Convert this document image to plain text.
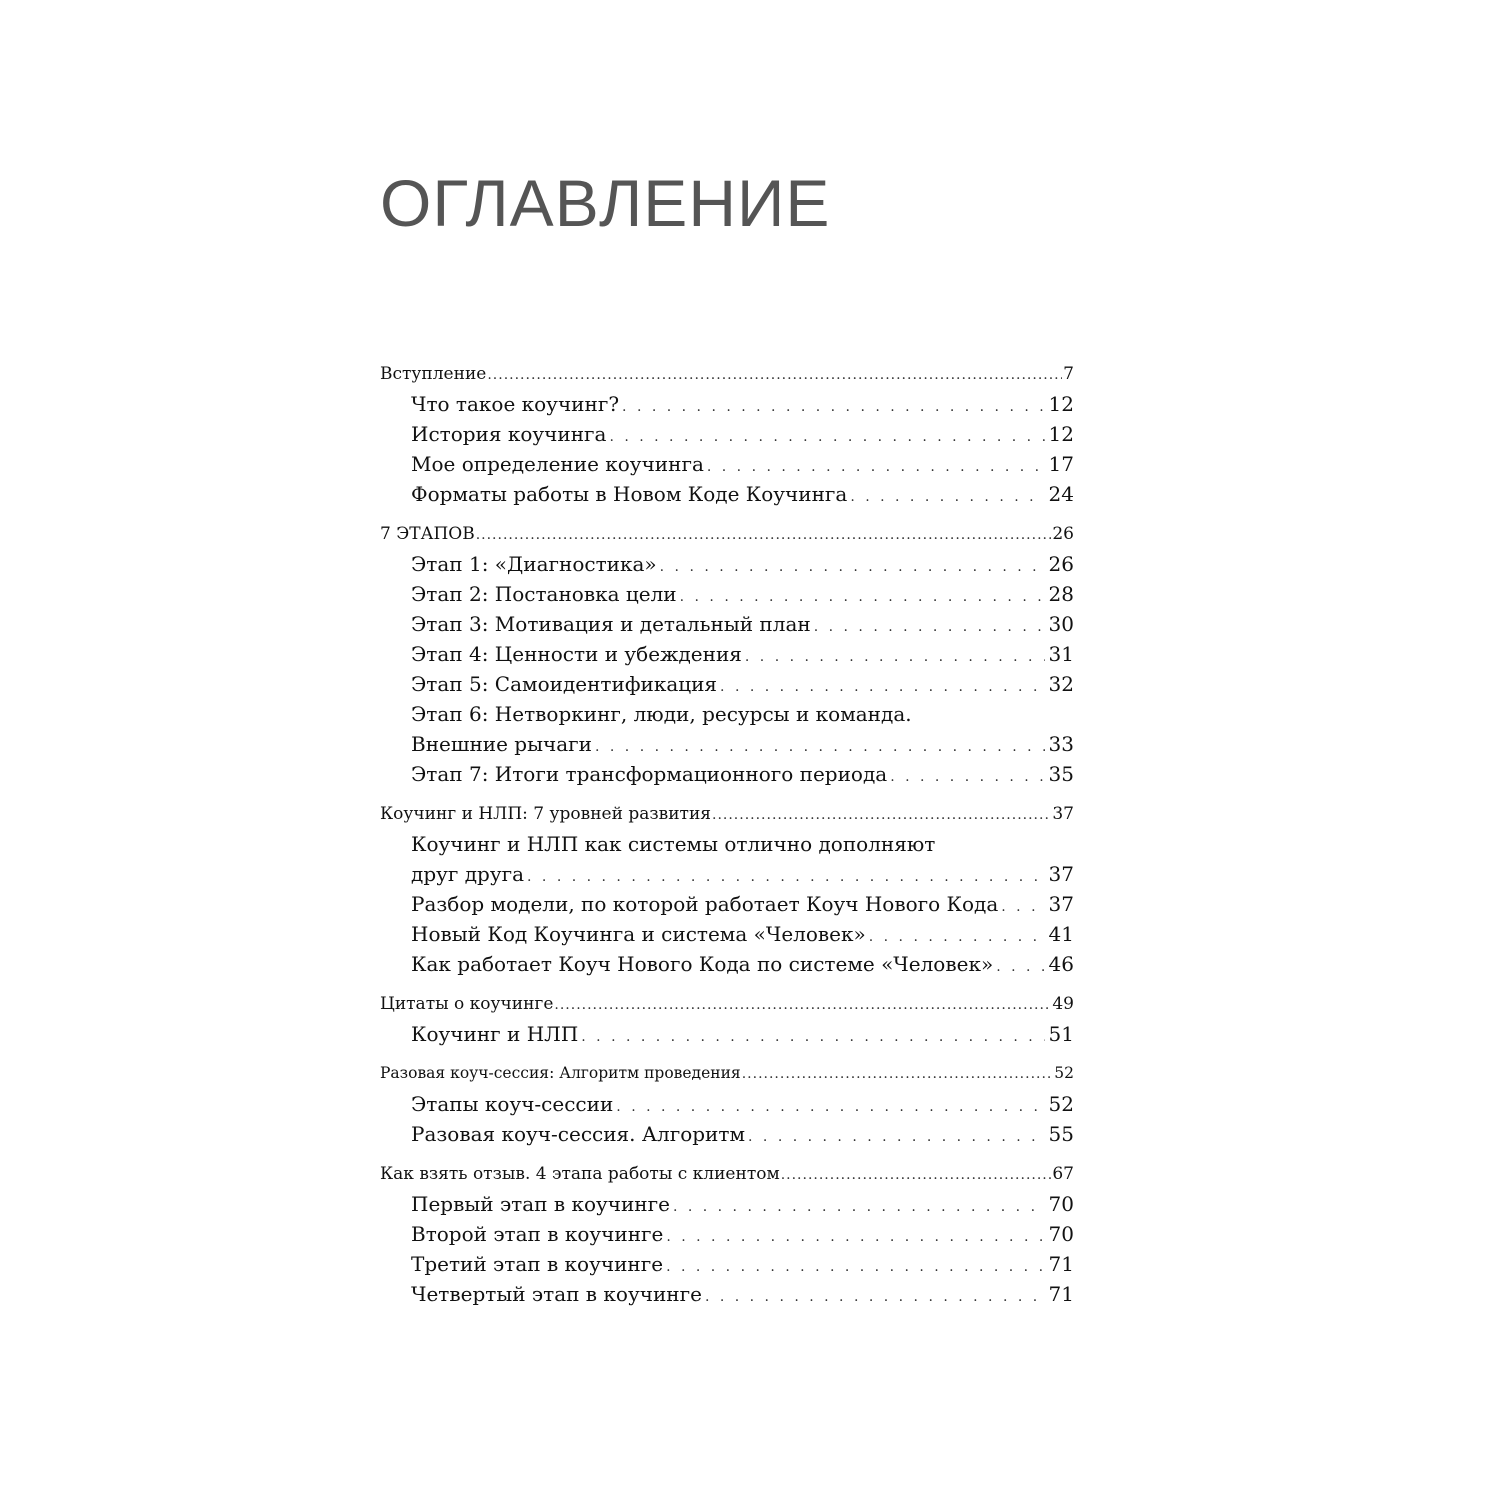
ОГЛАВЛЕНИЕ
Вступление .....	7
Что такое коучинг? . . .	12
История коучинга . . .	12
Мое определение коучинга . . .	17
Форматы работы в Новом Коде Коучинга . . .	24
7 ЭТАПОВ .....	26
Этап 1: «Диагностика» . . .	26
Этап 2: Постановка цели . . .	28
Этап 3: Мотивация и детальный план . . .	30
Этап 4: Ценности и убеждения . . .	31
Этап 5: Самоидентификация . . .	32
Этап 6: Нетворкинг, люди, ресурсы и команда.
Внешние рычаги . . .	33
Этап 7: Итоги трансформационного периода . . .	35
Коучинг и НЛП: 7 уровней развития .....	37
Коучинг и НЛП как системы отлично дополняют
друг друга . . .	37
Разбор модели, по которой работает Коуч Нового Кода . . .	37
Новый Код Коучинга и система «Человек» . . .	41
Как работает Коуч Нового Кода по системе «Человек» . . .	46
Цитаты о коучинге .....	49
Коучинг и НЛП . . .	51
Разовая коуч-сессия: Алгоритм проведения .....	52
Этапы коуч-сессии . . .	52
Разовая коуч-сессия. Алгоритм . . .	55
Как взять отзыв. 4 этапа работы с клиентом .....	67
Первый этап в коучинге . . .	70
Второй этап в коучинге . . .	70
Третий этап в коучинге . . .	71
Четвертый этап в коучинге . . .	71
